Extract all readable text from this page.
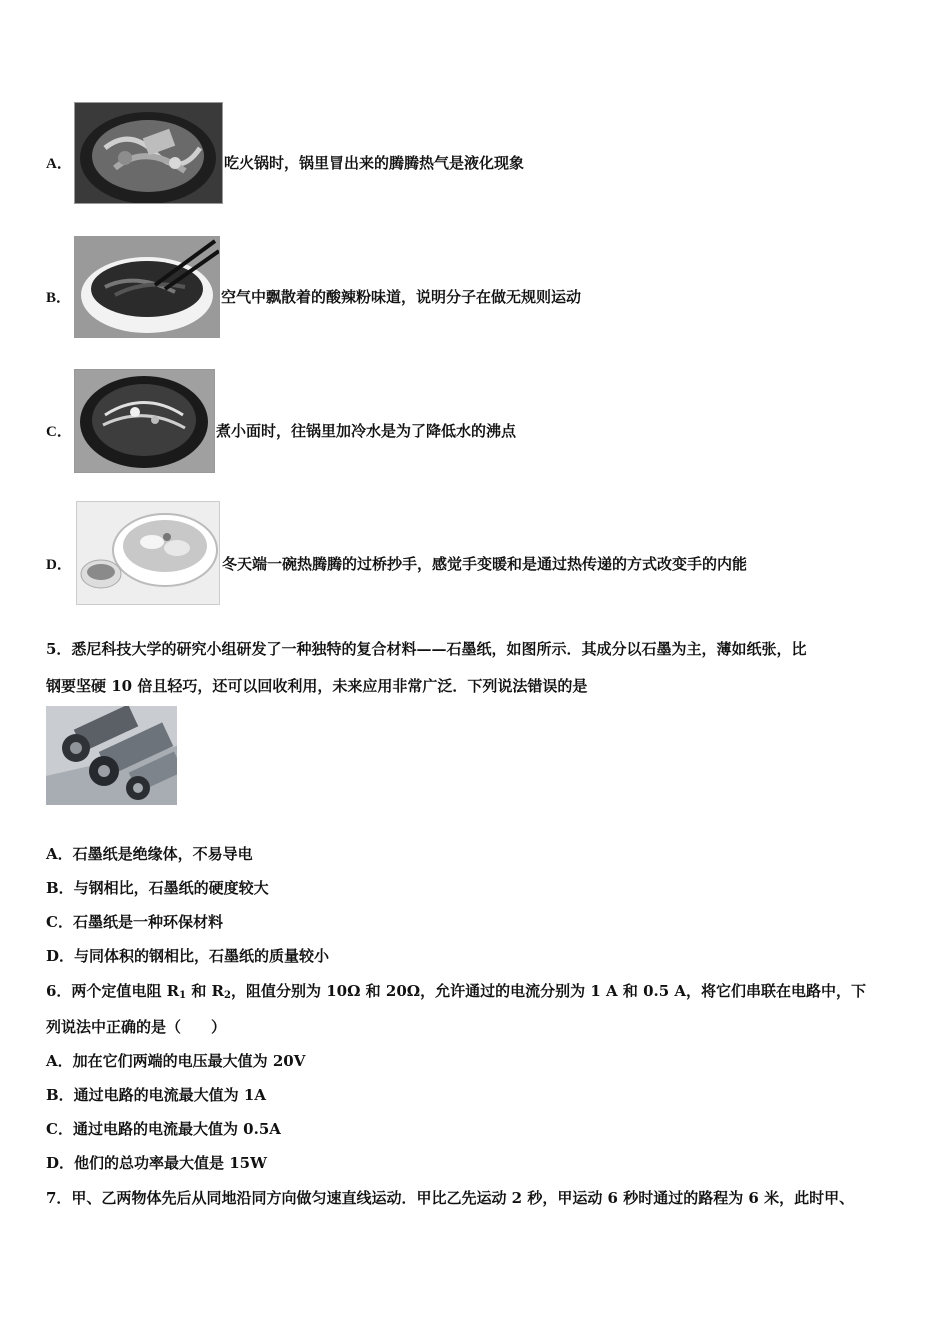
A．	吃火锅时，锅里冒出来的腾腾热气是液化现象
B．	空气中飘散着的酸辣粉味道，说明分子在做无规则运动
C．	煮小面时，往锅里加冷水是为了降低水的沸点
D．	冬天端一碗热腾腾的过桥抄手，感觉手变暖和是通过热传递的方式改变手的内能
5．悉尼科技大学的研究小组研发了一种独特的复合材料——石墨纸，如图所示．其成分以石墨为主，薄如纸张，比
钢要坚硬 10 倍且轻巧，还可以回收利用，未来应用非常广泛．下列说法错误的是
A．石墨纸是绝缘体，不易导电
B．与钢相比，石墨纸的硬度较大
C．石墨纸是一种环保材料
D．与同体积的钢相比，石墨纸的质量较小
6．两个定值电阻 $R_1$ 和 $R_2$，阻值分别为 10Ω 和 20Ω，允许通过的电流分别为 1 A 和 0.5 A，将它们串联在电路中，下
列说法中正确的是（　　）
A．加在它们两端的电压最大值为 20V
B．通过电路的电流最大值为 1A
C．通过电路的电流最大值为 0.5A
D．他们的总功率最大值是 15W
7．甲、乙两物体先后从同地沿同方向做匀速直线运动．甲比乙先运动 2 秒，甲运动 6 秒时通过的路程为 6 米，此时甲、
